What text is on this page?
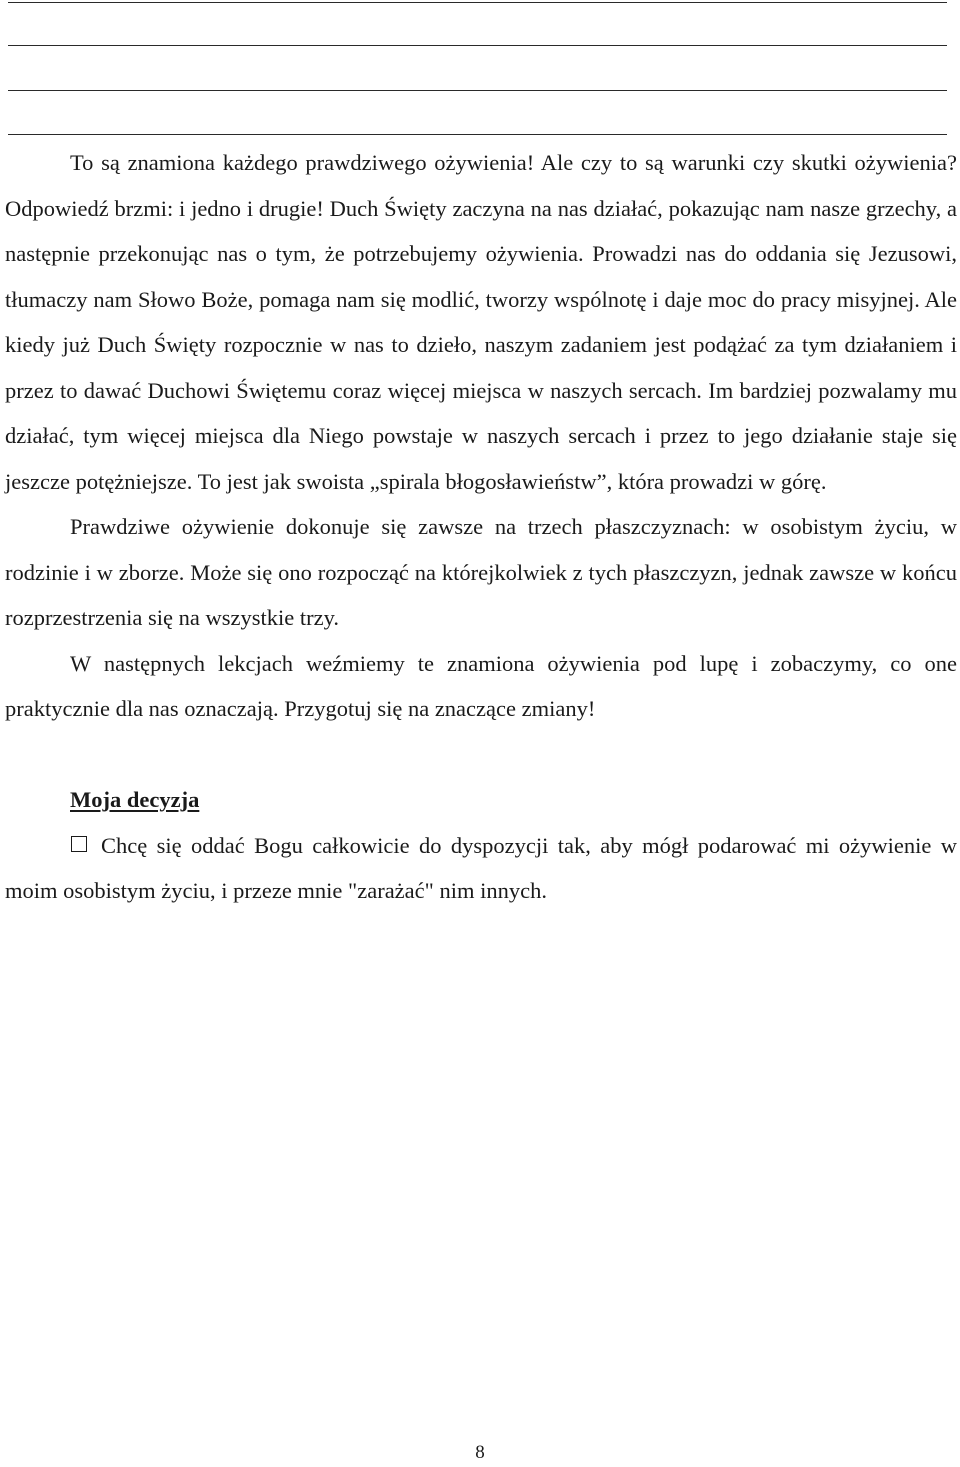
To są znamiona każdego prawdziwego ożywienia! Ale czy to są warunki czy skutki ożywienia? Odpowiedź brzmi: i jedno i drugie! Duch Święty zaczyna na nas działać, pokazując nam nasze grzechy, a następnie przekonując nas o tym, że potrzebujemy ożywienia. Prowadzi nas do oddania się Jezusowi, tłumaczy nam Słowo Boże, pomaga nam się modlić, tworzy wspólnotę i daje moc do pracy misyjnej. Ale kiedy już Duch Święty rozpocznie w nas to dzieło, naszym zadaniem jest podążać za tym działaniem i przez to dawać Duchowi Świętemu coraz więcej miejsca w naszych sercach. Im bardziej pozwalamy mu działać, tym więcej miejsca dla Niego powstaje w naszych sercach i przez to jego działanie staje się jeszcze potężniejsze. To jest jak swoista „spirala błogosławieństw”, która prowadzi w górę.

Prawdziwe ożywienie dokonuje się zawsze na trzech płaszczyznach: w osobistym życiu, w rodzinie i w zborze. Może się ono rozpocząć na którejkolwiek z tych płaszczyzn, jednak zawsze w końcu rozprzestrzenia się na wszystkie trzy.

W następnych lekcjach weźmiemy te znamiona ożywienia pod lupę i zobaczymy, co one praktycznie dla nas oznaczają. Przygotuj się na znaczące zmiany!

Moja decyzja

Chcę się oddać Bogu całkowicie do dyspozycji tak, aby mógł podarować mi ożywienie w moim osobistym życiu, i przeze mnie "zarażać" nim innych.

8
